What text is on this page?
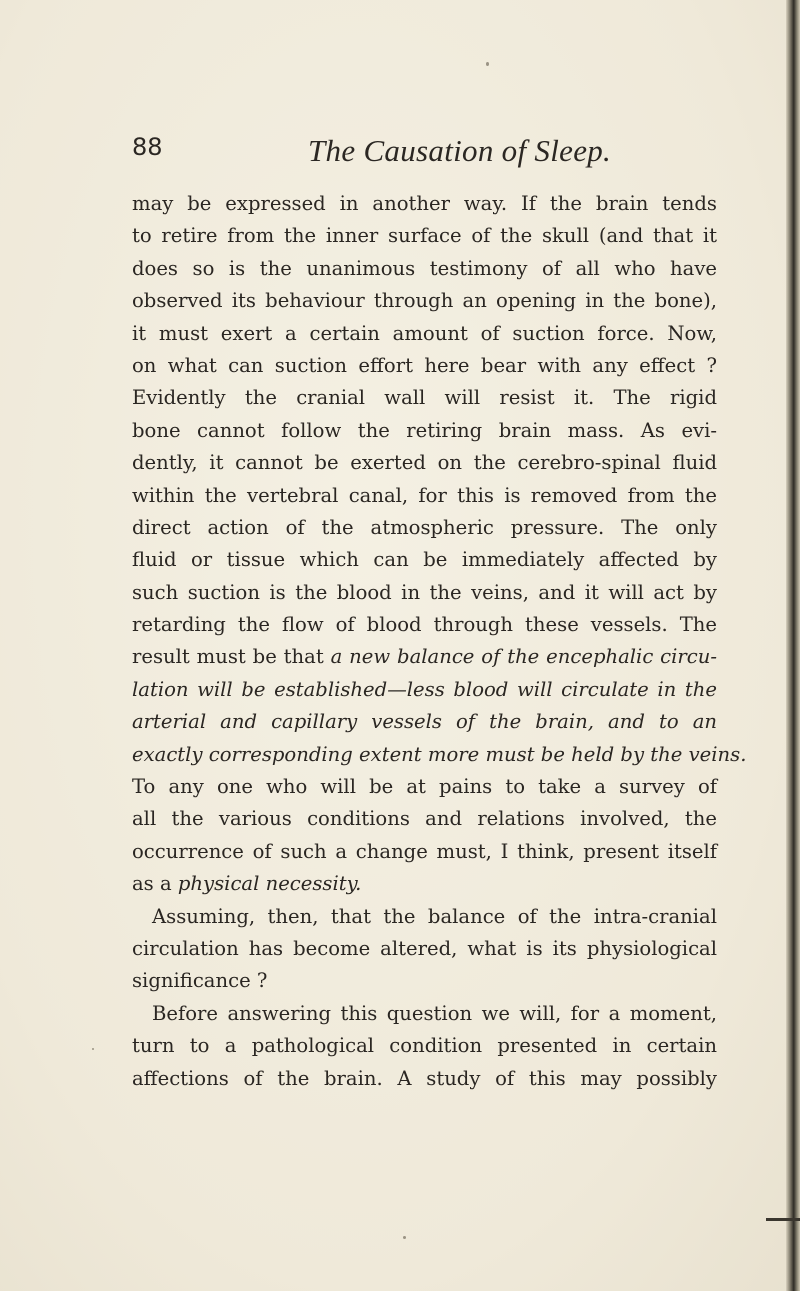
88	The Causation of Sleep.
may be expressed in another way. If the brain tends
to retire from the inner surface of the skull (and that it
does so is the unanimous testimony of all who have
observed its behaviour through an opening in the bone),
it must exert a certain amount of suction force. Now,
on what can suction effort here bear with any effect ?
Evidently the cranial wall will resist it. The rigid
bone cannot follow the retiring brain mass. As evi-
dently, it cannot be exerted on the cerebro-spinal fluid
within the vertebral canal, for this is removed from the
direct action of the atmospheric pressure. The only
fluid or tissue which can be immediately affected by
such suction is the blood in the veins, and it will act by
retarding the flow of blood through these vessels. The
result must be that a new balance of the encephalic circu-
lation will be established—less blood will circulate in the
arterial and capillary vessels of the brain, and to an
exactly corresponding extent more must be held by the veins.
To any one who will be at pains to take a survey of
all the various conditions and relations involved, the
occurrence of such a change must, I think, present itself
as a physical necessity.
Assuming, then, that the balance of the intra-cranial
circulation has become altered, what is its physiological
significance ?
Before answering this question we will, for a moment,
turn to a pathological condition presented in certain
affections of the brain. A study of this may possibly
